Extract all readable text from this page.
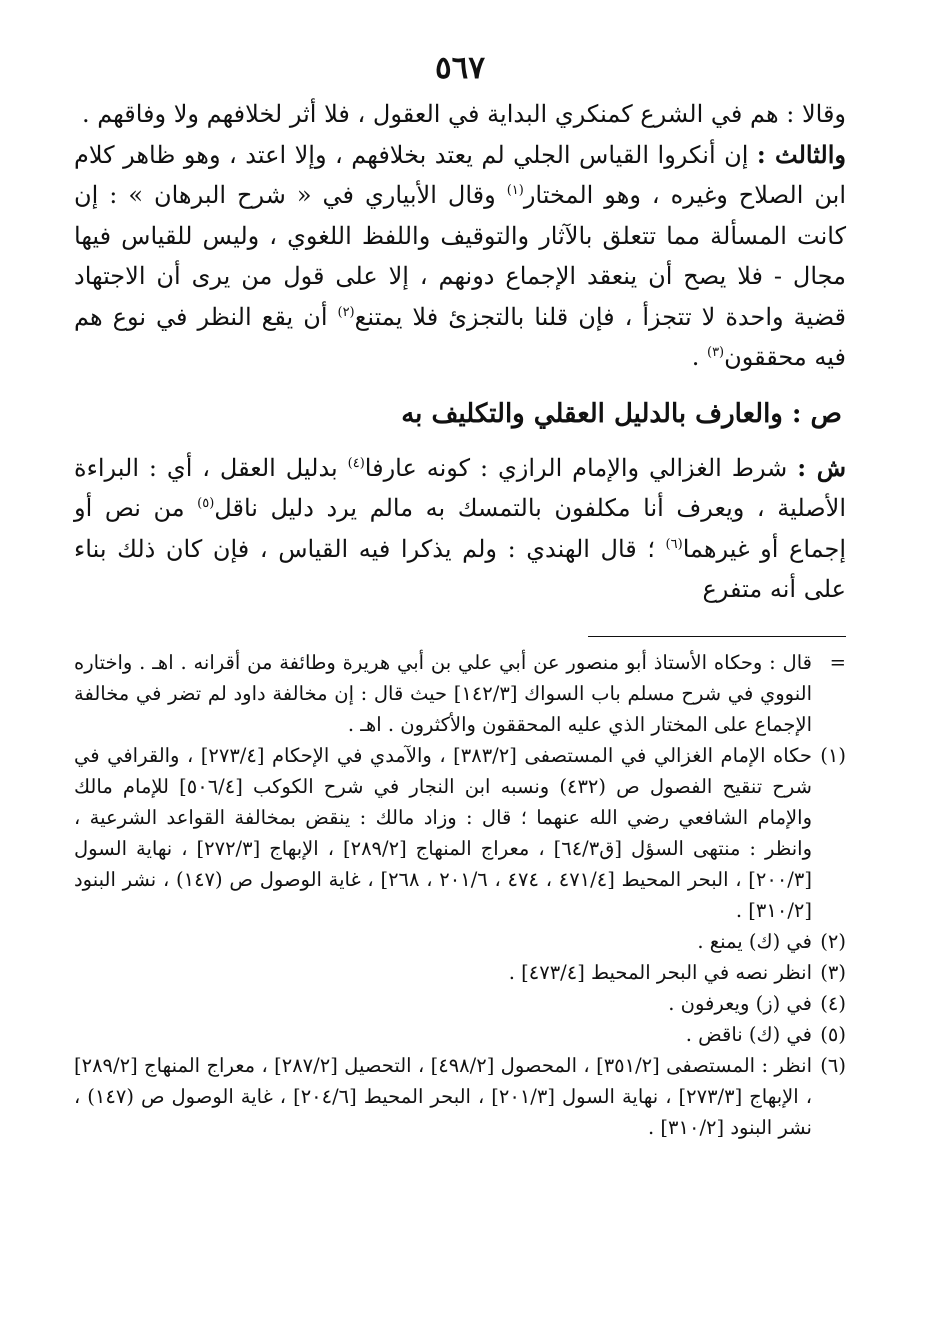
٥٦٧

وقالا : هم في الشرع كمنكري البداية في العقول ، فلا أثر لخلافهم ولا وفاقهم .

والثالث : إن أنكروا القياس الجلي لم يعتد بخلافهم ، وإلا اعتد ، وهو ظاهر كلام ابن الصلاح وغيره ، وهو المختار$^{(١)}$ وقال الأبياري في « شرح البرهان » : إن كانت المسألة مما تتعلق بالآثار والتوقيف واللفظ اللغوي ، وليس للقياس فيها مجال - فلا يصح أن ينعقد الإجماع دونهم ، إلا على قول من يرى أن الاجتهاد قضية واحدة لا تتجزأ ، فإن قلنا بالتجزئ فلا يمتنع$^{(٢)}$ أن يقع النظر في نوع هم فيه محققون$^{(٣)}$ .

ص : والعارف بالدليل العقلي والتكليف به

ش : شرط الغزالي والإمام الرازي : كونه عارفا$^{(٤)}$ بدليل العقل ، أي : البراءة الأصلية ، ويعرف أنا مكلفون بالتمسك به مالم يرد دليل ناقل$^{(٥)}$ من نص أو إجماع أو غيرهما$^{(٦)}$ ؛ قال الهندي : ولم يذكرا فيه القياس ، فإن كان ذلك بناء على أنه متفرع

=
قال : وحكاه الأستاذ أبو منصور عن أبي علي بن أبي هريرة وطائفة من أقرانه . اهـ . واختاره النووي في شرح مسلم باب السواك [١٤٢/٣] حيث قال : إن مخالفة داود لم تضر في مخالفة الإجماع على المختار الذي عليه المحققون والأكثرون . اهـ .
(١)
حكاه الإمام الغزالي في المستصفى [٣٨٣/٢] ، والآمدي في الإحكام [٢٧٣/٤] ، والقرافي في شرح تنقيح الفصول ص (٤٣٢) ونسبه ابن النجار في شرح الكوكب [٥٠٦/٤] للإمام مالك والإمام الشافعي رضي الله عنهما ؛ قال : وزاد مالك : ينقض بمخالفة القواعد الشرعية ، وانظر : منتهى السؤل [ق٦٤/٣] ، معراج المنهاج [٢٨٩/٢] ، الإبهاج [٢٧٢/٣] ، نهاية السول [٢٠٠/٣] ، البحر المحيط [٤٧١/٤ ، ٤٧٤ ، ٢٠١/٦ ، ٢٦٨] ، غاية الوصول ص (١٤٧) ، نشر البنود [٣١٠/٢] .
(٢)
في (ك) يمنع .
(٣)
انظر نصه في البحر المحيط [٤٧٣/٤] .
(٤)
في (ز) ويعرفون .
(٥)
في (ك) ناقض .
(٦)
انظر : المستصفى [٣٥١/٢] ، المحصول [٤٩٨/٢] ، التحصيل [٢٨٧/٢] ، معراج المنهاج [٢٨٩/٢] ، الإبهاج [٢٧٣/٣] ، نهاية السول [٢٠١/٣] ، البحر المحيط [٢٠٤/٦] ، غاية الوصول ص (١٤٧) ، نشر البنود [٣١٠/٢] .
